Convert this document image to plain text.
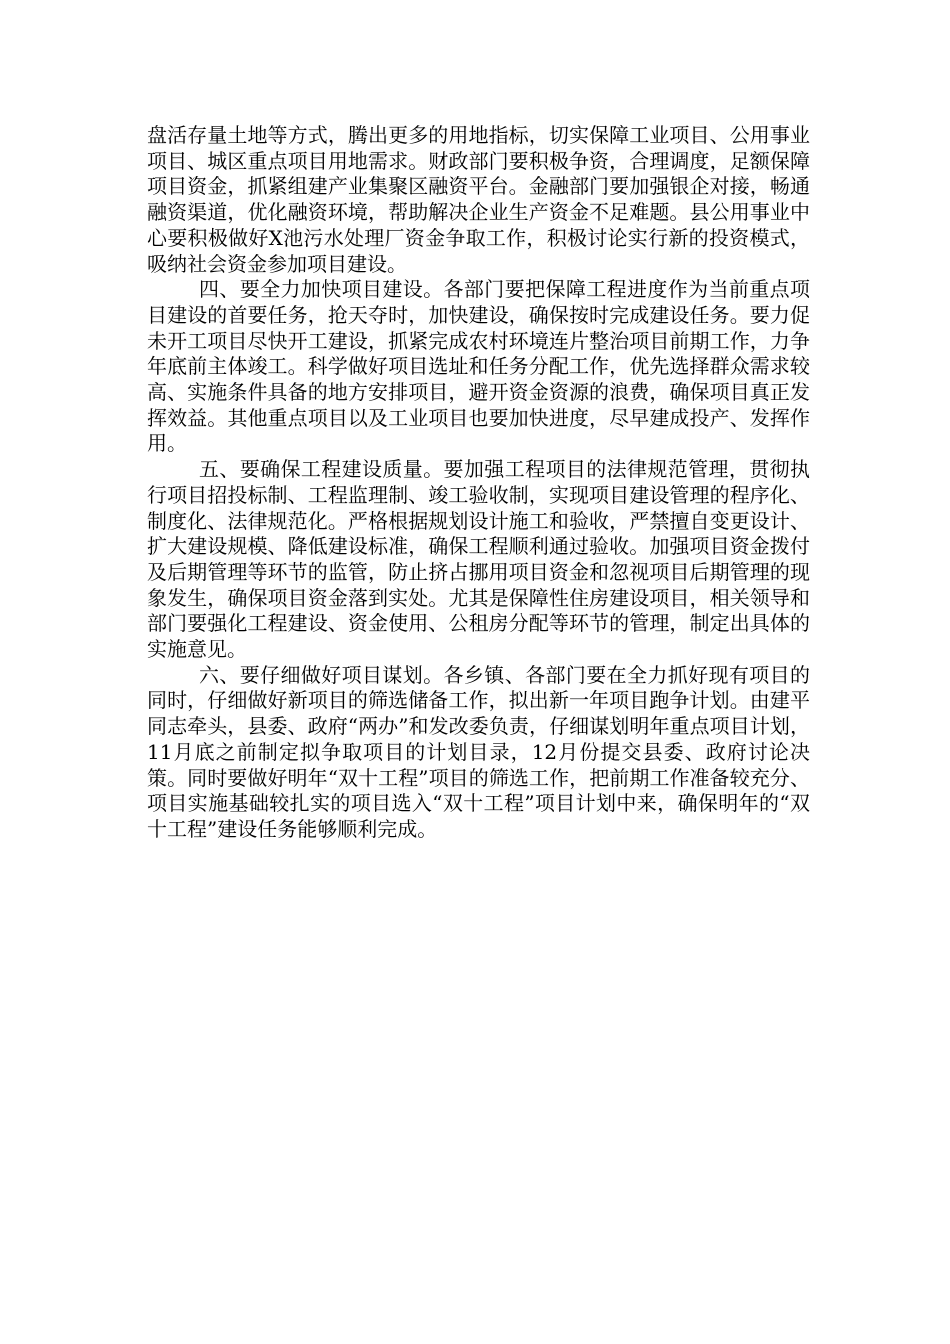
盘活存量土地等方式，腾出更多的用地指标，切实保障工业项目、公用事业项目、城区重点项目用地需求。财政部门要积极争资，合理调度，足额保障项目资金，抓紧组建产业集聚区融资平台。金融部门要加强银企对接，畅通融资渠道，优化融资环境，帮助解决企业生产资金不足难题。县公用事业中心要积极做好X池污水处理厂资金争取工作，积极讨论实行新的投资模式，吸纳社会资金参加项目建设。

四、要全力加快项目建设。各部门要把保障工程进度作为当前重点项目建设的首要任务，抢天夺时，加快建设，确保按时完成建设任务。要力促未开工项目尽快开工建设，抓紧完成农村环境连片整治项目前期工作，力争年底前主体竣工。科学做好项目选址和任务分配工作，优先选择群众需求较高、实施条件具备的地方安排项目，避开资金资源的浪费，确保项目真正发挥效益。其他重点项目以及工业项目也要加快进度，尽早建成投产、发挥作用。

五、要确保工程建设质量。要加强工程项目的法律规范管理，贯彻执行项目招投标制、工程监理制、竣工验收制，实现项目建设管理的程序化、制度化、法律规范化。严格根据规划设计施工和验收，严禁擅自变更设计、扩大建设规模、降低建设标准，确保工程顺利通过验收。加强项目资金拨付及后期管理等环节的监管，防止挤占挪用项目资金和忽视项目后期管理的现象发生，确保项目资金落到实处。尤其是保障性住房建设项目，相关领导和部门要强化工程建设、资金使用、公租房分配等环节的管理，制定出具体的实施意见。

六、要仔细做好项目谋划。各乡镇、各部门要在全力抓好现有项目的同时，仔细做好新项目的筛选储备工作，拟出新一年项目跑争计划。由建平同志牵头，县委、政府“两办”和发改委负责，仔细谋划明年重点项目计划，11月底之前制定拟争取项目的计划目录，12月份提交县委、政府讨论决策。同时要做好明年“双十工程”项目的筛选工作，把前期工作准备较充分、项目实施基础较扎实的项目选入“双十工程”项目计划中来，确保明年的“双十工程”建设任务能够顺利完成。
